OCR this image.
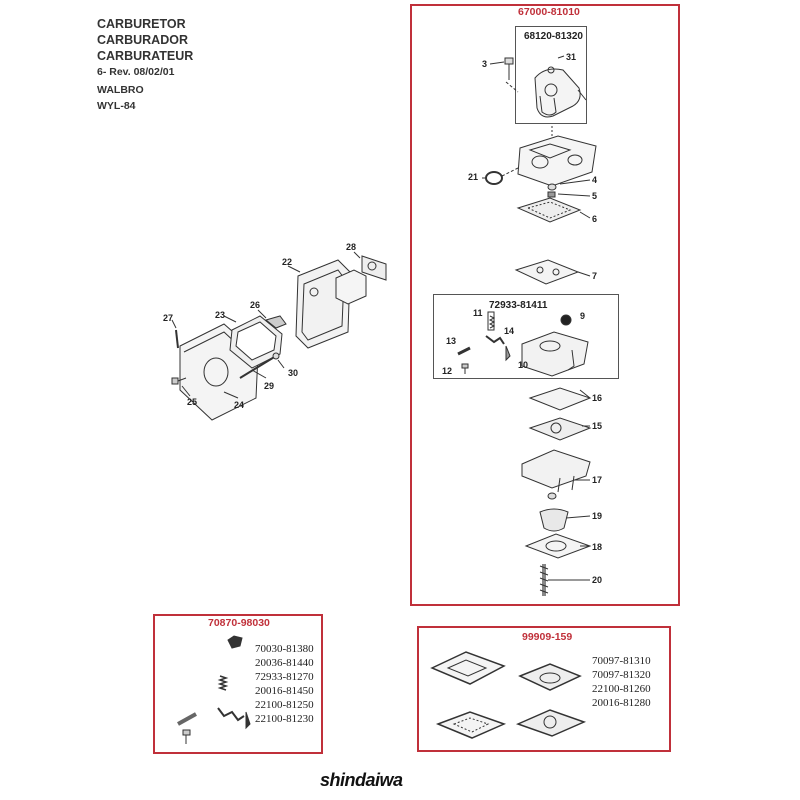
CARBURETOR
CARBURADOR
CARBURATEUR
6- Rev. 08/02/01
WALBRO
WYL-84
67000-81010
68120-81320
72933-81411
70870-98030
70030-81380
20036-81440
72933-81270
20016-81450
22100-81250
22100-81230
99909-159
70097-81310
70097-81320
22100-81260
20016-81280
3
31
21	4
5
6
7
9
11
14
13
10
12
16
15
17
19
18
20
28
22
26
23
27
30
29
25	24
shindaiwa
